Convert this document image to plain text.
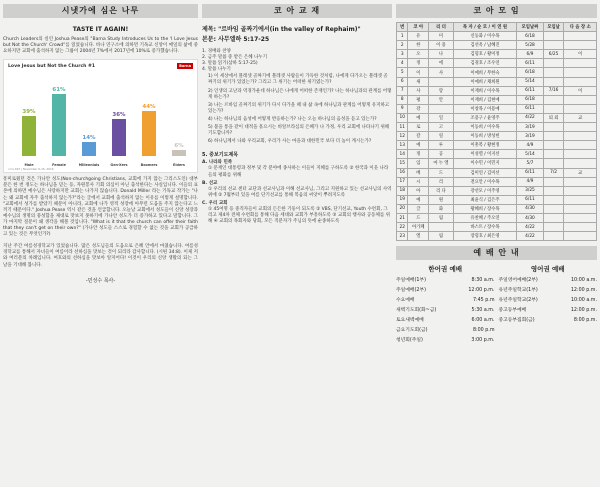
시냇가에 심은 나무
TASTE IT AGAIN!

Church Leaders의 실린 Joshua Pease의 "Barna Study Introduces Us to the 'I Love Jesus but Not the Church' Crowd"를 읽었습니다. 바나 연구소에 의하면 기독교 신앙이 매일의 삶에 중요하지만 교회에 출석하지 않는 그룹이 2004년 7%에서 2017년에 10%로 증가했습니다.

Love Jesus but Not the Church #1	Barna
n=1,397 | November 6-15, 2016
39%
Male
61%
Female
14%
Millennials
36%
Gen-Xers
44%
Boomers
6%
Elders

흥미로웠던 것은 가나안 성도(Non-churchgoing Christians, 교회에 가지 않는 그리스도인) 대부분은 한 번 정도는 하나님을 믿는 등, 자원봉사 기회 의심이 아닌 출석한다는 사실입니다. 이들의 표본에 의하면 예수님은 사랑하지만 교회는 나가지 않습니다. Donald Miller 라는 기독교 작가는 "나는 왜 교회에 자주 출석하지 않는가?"라는 글에서 교회에 출석하지 않는 이유를 이렇게 설명합니다. "교회에서 성가를 받았기 때문이 아니라, 교회에 나가 영적 성장에 아무런 도움을 주지 않는다고 느끼기 때문이다." Joshua Pease 역시 같은 것을 언급합니다. 오늘날 교회에서 성도들이 신앙 성장과 예수님의 생명의 풍성함을 제대로 맛보지 못하기에 가나안 성도가 더 증가하고 있다고 말합니다. 그가 마지막 질문이 왜 생각을 해볼 것입니다. "What is it that the church can offer their faith that they can't get on their own?" (가나안 성도들 스스로 경험할 수 없는 것을 교회가 공급하고 있는 것은 무엇인가?)

지난 주간 여름성경학교가 있었습니다. 많은 성도님들의 도움으로 은혜 안에서 마쳤습니다. 여름성경학교를 통해서 자녀들이 여름이라 선하심을 맛보는 것이 되리라 감사합니다. (시편 34:8). 이제 저와 여러분의 차례입니다. 여호와의 선하심을 맛보아 알지어다! 이것이 우리의 신앙 생활의 되는 그 날을 기대해 봅니다.

-민성수 목사-
코 아 교 재
제목: "르바임 골짜기에서(in the valley of Rephaim)"
본문: 사무엘하 5:17-25
1. 경배와 찬양
2. 금주 말씀 중 받은 은혜 나누기
3. 말씀 읽기(삼하 5:17-25)
4. 말씀 나누기
1) 이 세상에서 블레셋 골짜기에 블레셋 사람들이 가득한 것처럼, 나에게 다가오는 블레셋 골짜기의 위기가 있었는가? 그리고 그 위기는 어떠한 위기였는가?
2) 인생의 고난과 역경가운데 하나님은 나에게 어떠한 존재인가? 나는 하나님과의 관계를 어떻게 하는가?
3) 나는 르바임 골짜기의 위기가 다시 다가올 때 내 삶 속에 하나님과 관계를 어떻게 유지하고 있는가?
4) 나는 하나님의 음성에 어떻게 반응하는가? 나는 오늘 하나님의 음성을 듣고 있는가?
5) 불을 통을 같이 대적을 흩으시는 바알브라심의 은혜가 나 가정, 우리 교회에 나타나기 위해 기도합니까?
6) 하나님께서 나와 우리교회, 우리가 사는 마을과 대한민국 보다 더 높이 계시는가?
5. 중보기도제목
A. 나라와 민족
① 문재인 대통령과 정부 및 각 분야에 종사하는 이들이 지혜를 구하도록 ② 한국과 이웃 나라들의 평화를 위해
B. 선교
① 우리의 선교 센터 교단과 선교사님과 이해 선교사님, 그리고 지원하고 있는 선교사님의 사역 위에 ② 7월부터 있을 여름 단기선교를 통해 복음의 씨앗이 뿌려지도록
C. 우리 교회
① 45여명 등 중직자들이 교회의 든든한 기둥이 되도록 ② VBS, 단기선교, Youth 수련회, 그리고 제4차 전체 수련회를 통해 다음 세대와 교회가 부흥하도록 ③ 교회의 행사와 공동체를 위해 ④ 교회의 목회자와 당회, 모든 직분자가 주님의 뜻에 순종하도록
코 아 모 임
번	코 아	리 더	목 자 / 순 모 / 이 연 원	모임날짜	모임날	다 음 장 소
1	유	미	신동화 / 이수목	6/18		
2	한	이 용	김선옥 / 남혜진	5/28		
3	오	나	김형호 / 황미정	6/9	6/25	이
4	정	에	김경호 / 조우연	6/11		
5	이	사	이예희 / 무한숙	6/18		
6	새		이예희 / 채희원	5/14		
7	사	랑	이재희 / 이수목	6/11	7/16	이
8	평	안	이재희 / 김현예	6/18		
9	강		이창목 / 이용예	6/11		
10	예	일	조용구 / 윤영주	4/22	퇴 외	교
11	로	고	이동희 / 이수목	3/19		
12	갈	릴	이동희 / 방성헌	3/19		
13	예	루	이흥복 / 황현정	4/9		
14	정	공	이성렬 / 이지선	5/14		
15	임	마 누 엘	이수민 / 이민지	5/7		
16	베	드	김미연 / 김미선	6/11	7/2	교
17	시	리	전요안 / 이수목	4/9		
18	아	리 다	강선모 / 이주영	3/25		
19	예	원	최윤식 / 김은주	6/11		
20	글	화	황혜희 / 장수목	4/30		
21	드	림	유찬혜 / 주오연	4/30		
22	아가페		바스트 / 장수목	4/22		
23	엘	림	장형호 / 최은영	4/22		
예 배 안 내
한어권 예배
주일예배(1부)	8:30 a.m.
주일예배(2부)	12:00 p.m.
수요예배	7:45 p.m
새벽기도회(화~금)	5:30 a.m.
토요새벽예배	6:00 a.m.
금요기도회(금)	8:00 p.m
청년회(주일)	3:00 p.m.
영어권 예배
주일영어예배(2부)	10:00 a.m.
유년주일학교(1부)	12:00 p.m.
유년주일학교(2부)	10:00 a.m.
중고등부예배	12:00 p.m.
중고등부집회(금)	8:00 p.m.
